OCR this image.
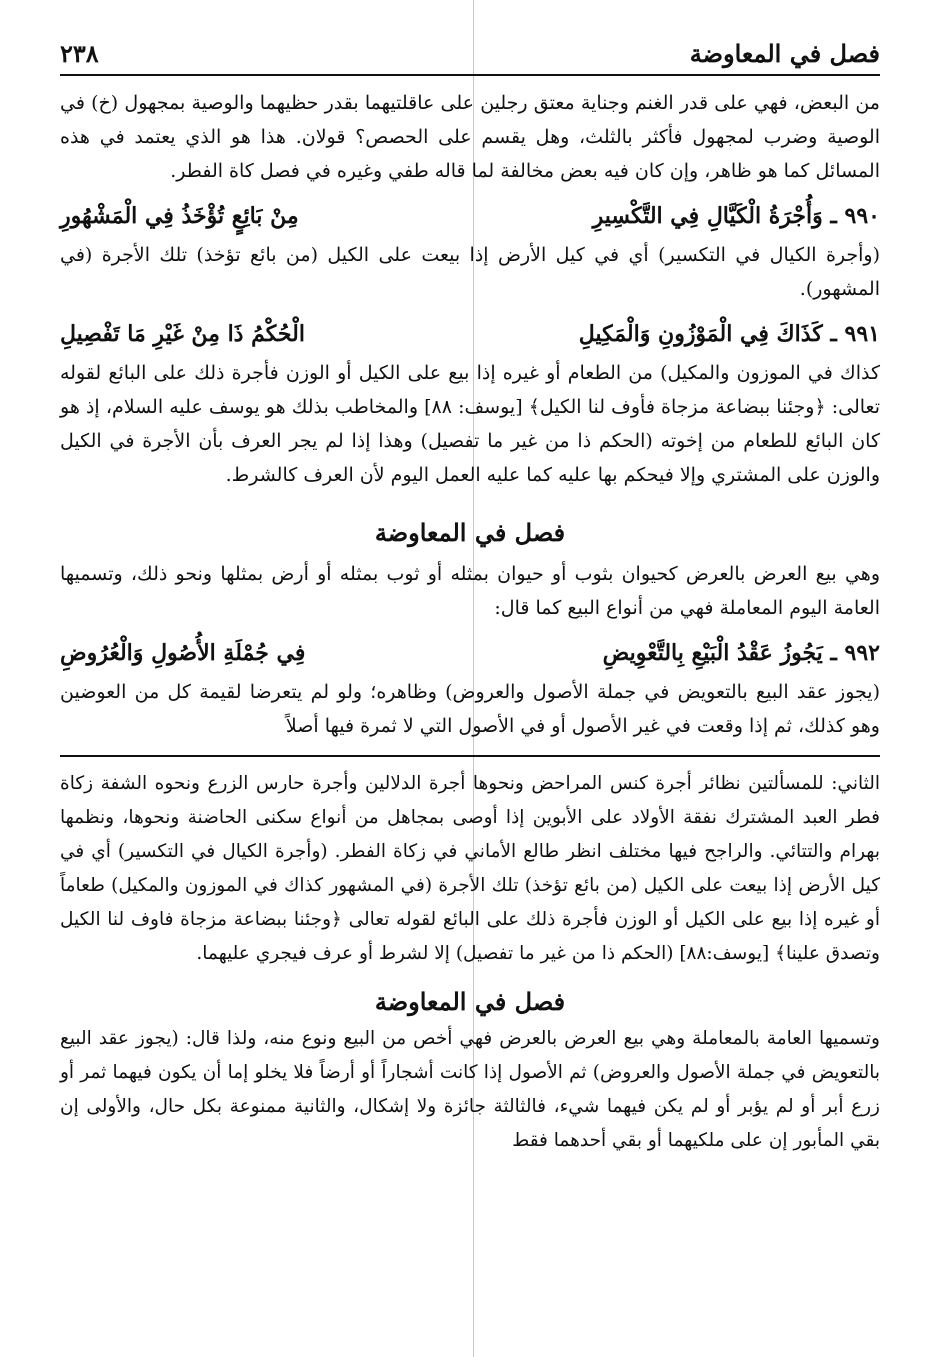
فصل في المعاوضة
٢٣٨

من البعض، فهي على قدر الغنم وجناية معتق رجلين على عاقلتيهما بقدر حظيهما والوصية بمجهول (خ) في الوصية وضرب لمجهول فأكثر بالثلث، وهل يقسم على الحصص؟ قولان. هذا هو الذي يعتمد في هذه المسائل كما هو ظاهر، وإن كان فيه بعض مخالفة لما قاله طفي وغيره في فصل كاة الفطر.

٩٩٠ ـ وَأُجْرَةُ الْكَيَّالِ فِي التَّكْسِيرِ
مِنْ بَائِعٍ تُؤْخَذُ فِي الْمَشْهُورِ

(وأجرة الكيال في التكسير) أي في كيل الأرض إذا بيعت على الكيل (من بائع تؤخذ) تلك الأجرة (في المشهور).

٩٩١ ـ كَذَاكَ فِي الْمَوْزُونِ وَالْمَكِيلِ
الْحُكْمُ ذَا مِنْ غَيْرِ مَا تَفْصِيلِ

كذاك في الموزون والمكيل) من الطعام أو غيره إذا بيع على الكيل أو الوزن فأجرة ذلك على البائع لقوله تعالى: ﴿وجئنا ببضاعة مزجاة فأوف لنا الكيل﴾ [يوسف: ٨٨] والمخاطب بذلك هو يوسف عليه السلام، إذ هو كان البائع للطعام من إخوته (الحكم ذا من غير ما تفصيل) وهذا إذا لم يجر العرف بأن الأجرة في الكيل والوزن على المشتري وإلا فيحكم بها عليه كما عليه العمل اليوم لأن العرف كالشرط.

فصل في المعاوضة

وهي بيع العرض بالعرض كحيوان بثوب أو حيوان بمثله أو ثوب بمثله أو أرض بمثلها ونحو ذلك، وتسميها العامة اليوم المعاملة فهي من أنواع البيع كما قال:

٩٩٢ ـ يَجُوزُ عَقْدُ الْبَيْعِ بِالتَّعْوِيضِ
فِي جُمْلَةِ الأُصُولِ وَالْعُرُوضِ

(يجوز عقد البيع بالتعويض في جملة الأصول والعروض) وظاهره؛ ولو لم يتعرضا لقيمة كل من العوضين وهو كذلك، ثم إذا وقعت في غير الأصول أو في الأصول التي لا ثمرة فيها أصلاً

الثاني: للمسألتين نظائر أجرة كنس المراحض ونحوها أجرة الدلالين وأجرة حارس الزرع ونحوه الشفة زكاة فطر العبد المشترك نفقة الأولاد على الأبوين إذا أوصى بمجاهل من أنواع سكنى الحاضنة ونحوها، ونظمها بهرام والتتائي. والراجح فيها مختلف انظر طالع الأماني في زكاة الفطر. (وأجرة الكيال في التكسير) أي في كيل الأرض إذا بيعت على الكيل (من بائع تؤخذ) تلك الأجرة (في المشهور كذاك في الموزون والمكيل) طعاماً أو غيره إذا بيع على الكيل أو الوزن فأجرة ذلك على البائع لقوله تعالى ﴿وجئنا ببضاعة مزجاة فاوف لنا الكيل وتصدق علينا﴾ [يوسف:٨٨] (الحكم ذا من غير ما تفصيل) إلا لشرط أو عرف فيجري عليهما.

فصل في المعاوضة

وتسميها العامة بالمعاملة وهي بيع العرض بالعرض فهي أخص من البيع ونوع منه، ولذا قال: (يجوز عقد البيع بالتعويض في جملة الأصول والعروض) ثم الأصول إذا كانت أشجاراً أو أرضاً فلا يخلو إما أن يكون فيهما ثمر أو زرع أبر أو لم يؤبر أو لم يكن فيهما شيء، فالثالثة جائزة ولا إشكال، والثانية ممنوعة بكل حال، والأولى إن بقي المأبور إن على ملكيهما أو بقي أحدهما فقط
